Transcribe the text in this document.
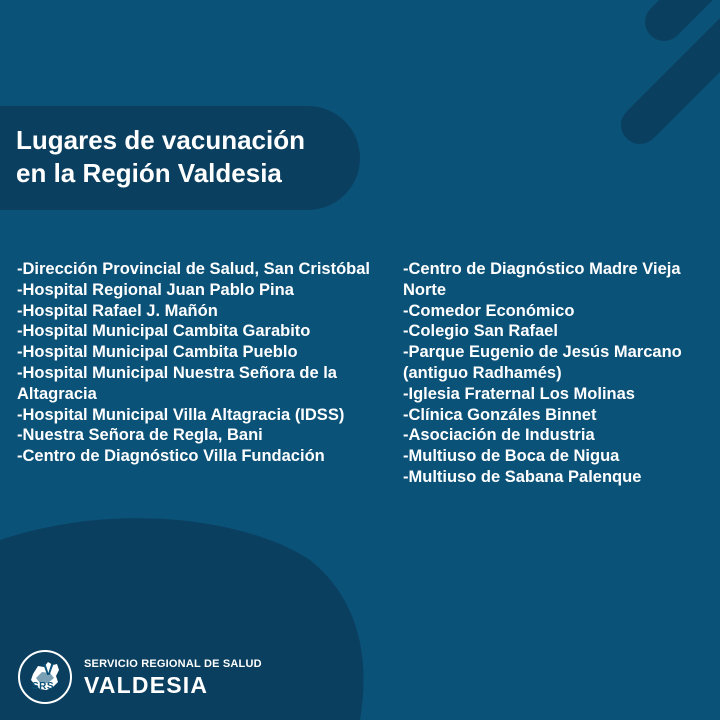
Lugares de vacunación
en la Región Valdesia
-Dirección Provincial de Salud, San Cristóbal
-Hospital Regional Juan Pablo Pina
-Hospital Rafael J. Mañón
-Hospital Municipal Cambita Garabito
-Hospital Municipal Cambita Pueblo
-Hospital Municipal Nuestra Señora de la Altagracia
-Hospital Municipal Villa Altagracia (IDSS)
-Nuestra Señora de Regla, Bani
-Centro de Diagnóstico Villa Fundación
-Centro de Diagnóstico Madre Vieja Norte
-Comedor Económico
-Colegio San Rafael
-Parque Eugenio de Jesús Marcano (antiguo Radhamés)
-Iglesia Fraternal Los Molinas
-Clínica Gonzáles Binnet
-Asociación de Industria
-Multiuso de Boca de Nigua
-Multiuso de Sabana Palenque
V
SRS
SERVICIO REGIONAL DE SALUD
VALDESIA
